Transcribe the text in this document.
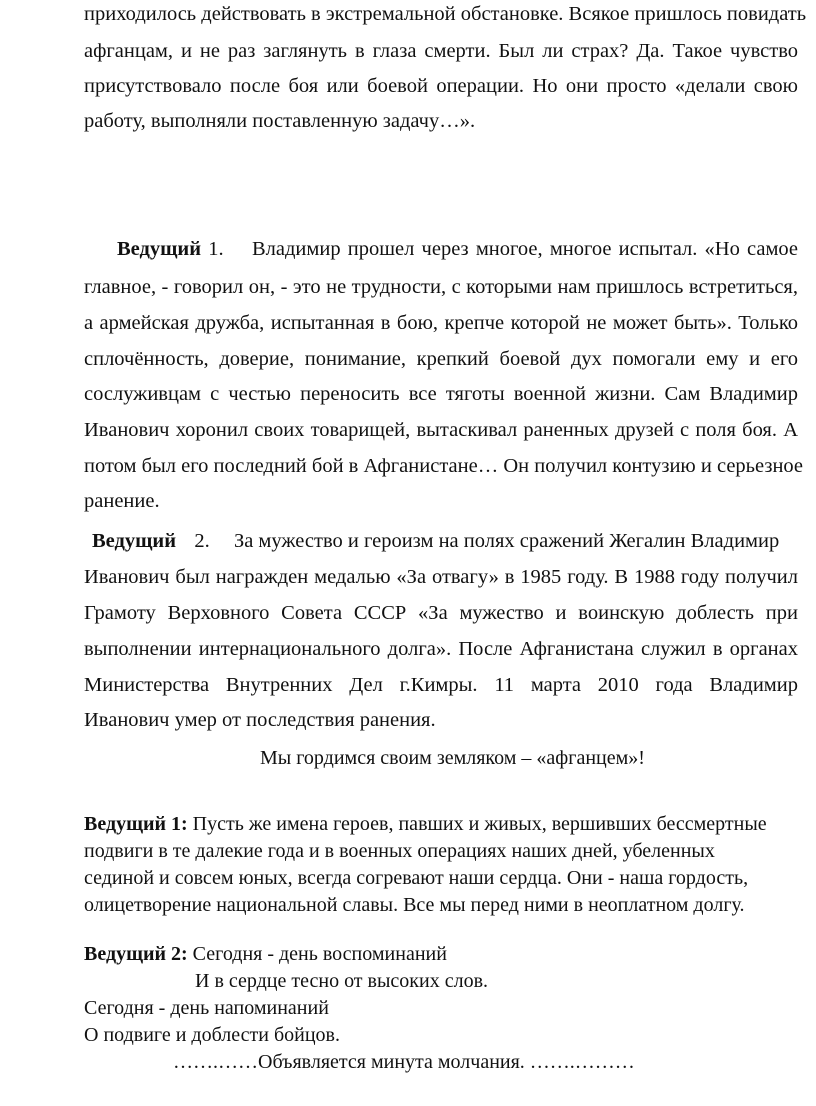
приходилось действовать в экстремальной обстановке. Всякое пришлось повидать
афганцам, и не раз заглянуть в глаза смерти. Был ли страх? Да. Такое чувство
присутствовало после боя или боевой операции. Но они просто «делали свою
работу, выполняли поставленную задачу…».
Ведущий 1. Владимир прошел через многое, многое испытал. «Но самое
главное, - говорил он, - это не трудности, с которыми нам пришлось встретиться,
а армейская дружба, испытанная в бою, крепче которой не может быть». Только
сплочённость, доверие, понимание, крепкий боевой дух помогали ему и его
сослуживцам с честью переносить все тяготы военной жизни. Сам Владимир
Иванович хоронил своих товарищей, вытаскивал раненных друзей с поля боя. А
потом был его последний бой в Афганистане… Он получил контузию и серьезное
ранение.
Ведущий 2. За мужество и героизм на полях сражений Жегалин Владимир
Иванович был награжден медалью «За отвагу» в 1985 году. В 1988 году получил
Грамоту Верховного Совета СССР «За мужество и воинскую доблесть при
выполнении интернационального долга». После Афганистана служил в органах
Министерства Внутренних Дел г.Кимры. 11 марта 2010 года Владимир
Иванович умер от последствия ранения.
Мы гордимся своим земляком – «афганцем»!
Ведущий 1: Пусть же имена героев, павших и живых, вершивших бессмертные
подвиги в те далекие года и в военных операциях наших дней, убеленных
сединой и совсем юных, всегда согревают наши сердца. Они - наша гордость,
олицетворение национальной славы. Все мы перед ними в неоплатном долгу.
Ведущий 2: Сегодня - день воспоминаний
И в сердце тесно от высоких слов.
Сегодня - день напоминаний
О подвиге и доблести бойцов.
…….……Объявляется минута молчания. …….………
